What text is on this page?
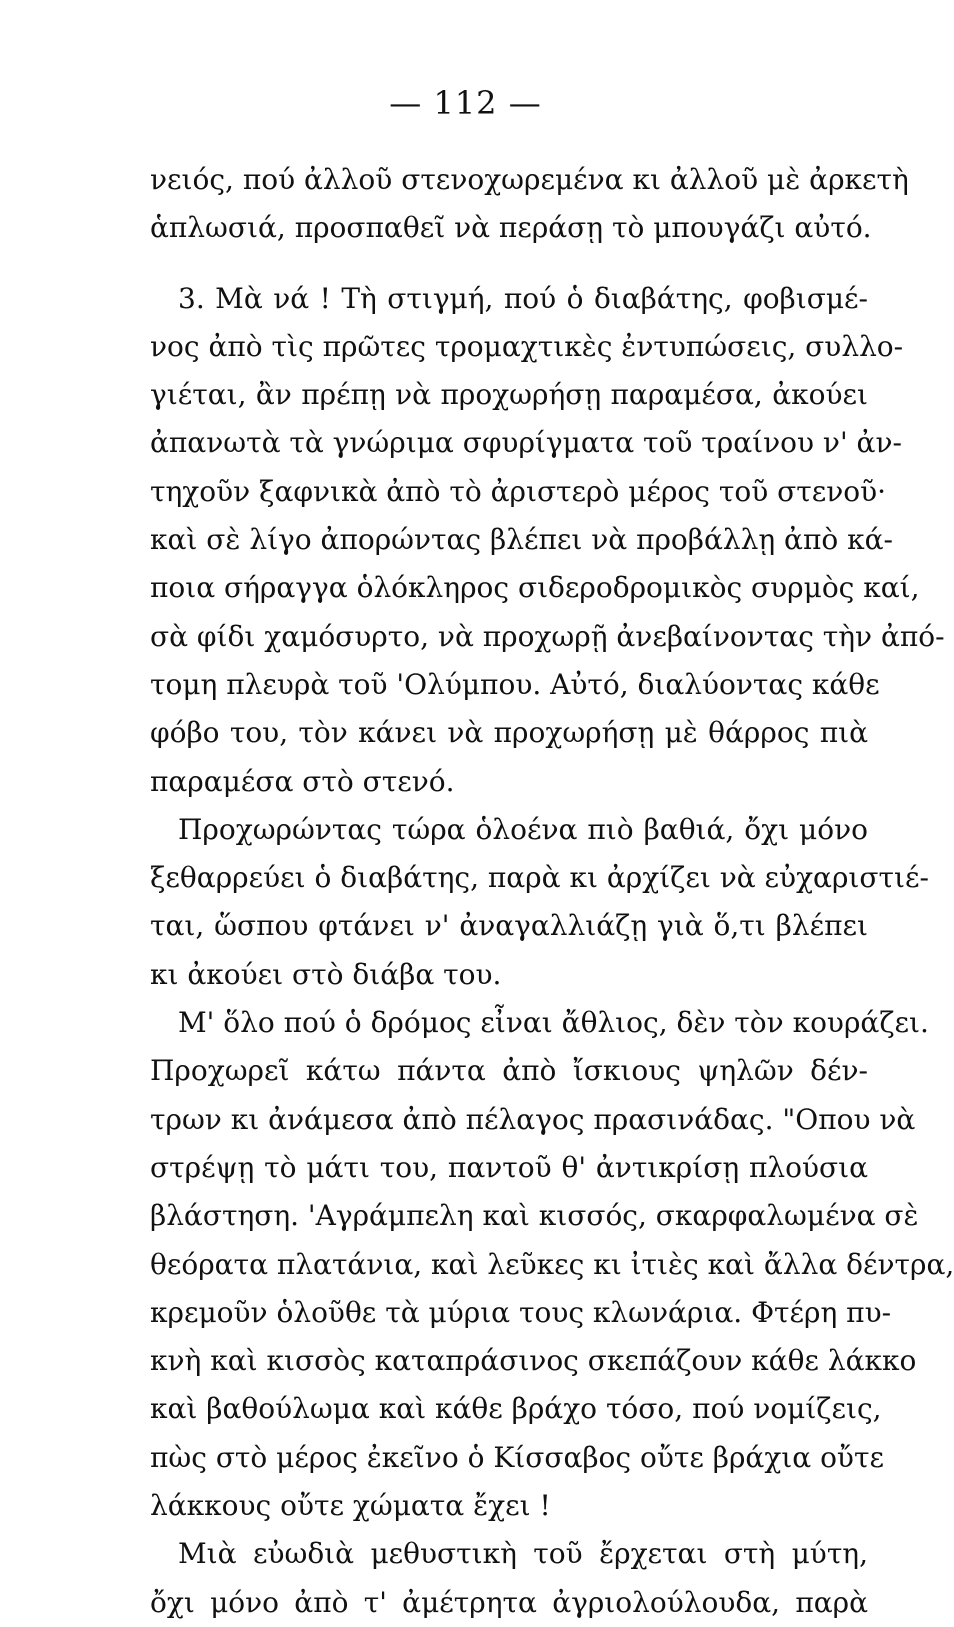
— 112 —
νειός, πού ἀλλοῦ στενοχωρεμένα κι ἀλλοῦ μὲ ἀρκετὴ
ἁπλωσιά, προσπαθεῖ νὰ περάσῃ τὸ μπουγάζι αὐτό.
3. Μὰ νά ! Τὴ στιγμή, πού ὁ διαβάτης, φοβισμέ-
νος ἀπὸ τὶς πρῶτες τρομαχτικὲς ἐντυπώσεις, συλλο-
γιέται, ἂν πρέπῃ νὰ προχωρήσῃ παραμέσα, ἀκούει
ἀπανωτὰ τὰ γνώριμα σφυρίγματα τοῦ τραίνου ν' ἀν-
τηχοῦν ξαφνικὰ ἀπὸ τὸ ἀριστερὸ μέρος τοῦ στενοῦ·
καὶ σὲ λίγο ἀπορώντας βλέπει νὰ προβάλλῃ ἀπὸ κά-
ποια σήραγγα ὁλόκληρος σιδεροδρομικὸς συρμὸς καί,
σὰ φίδι χαμόσυρτο, νὰ προχωρῇ ἀνεβαίνοντας τὴν ἀπό-
τομη πλευρὰ τοῦ 'Ολύμπου. Αὐτό, διαλύοντας κάθε
φόβο του, τὸν κάνει νὰ προχωρήσῃ μὲ θάρρος πιὰ
παραμέσα στὸ στενό.
Προχωρώντας τώρα ὁλοένα πιὸ βαθιά, ὄχι μόνο
ξεθαρρεύει ὁ διαβάτης, παρὰ κι ἀρχίζει νὰ εὐχαριστιέ-
ται, ὥσπου φτάνει ν' ἀναγαλλιάζῃ γιὰ ὅ,τι βλέπει
κι ἀκούει στὸ διάβα του.
Μ' ὅλο πού ὁ δρόμος εἶναι ἄθλιος, δὲν τὸν κουράζει.
Προχωρεῖ κάτω πάντα ἀπὸ ἴσκιους ψηλῶν δέν-
τρων κι ἀνάμεσα ἀπὸ πέλαγος πρασινάδας. "Οπου νὰ
στρέψῃ τὸ μάτι του, παντοῦ θ' ἀντικρίσῃ πλούσια
βλάστηση. 'Αγράμπελη καὶ κισσός, σκαρφαλωμένα σὲ
θεόρατα πλατάνια, καὶ λεῦκες κι ἰτιὲς καὶ ἄλλα δέντρα,
κρεμοῦν ὁλοῦθε τὰ μύρια τους κλωνάρια. Φτέρη πυ-
κνὴ καὶ κισσὸς καταπράσινος σκεπάζουν κάθε λάκκο
καὶ βαθούλωμα καὶ κάθε βράχο τόσο, πού νομίζεις,
πὼς στὸ μέρος ἐκεῖνο ὁ Κίσσαβος οὔτε βράχια οὔτε
λάκκους οὔτε χώματα ἔχει !
Μιὰ εὐωδιὰ μεθυστικὴ τοῦ ἔρχεται στὴ μύτη,
ὄχι μόνο ἀπὸ τ' ἀμέτρητα ἀγριολούλουδα, παρὰ
